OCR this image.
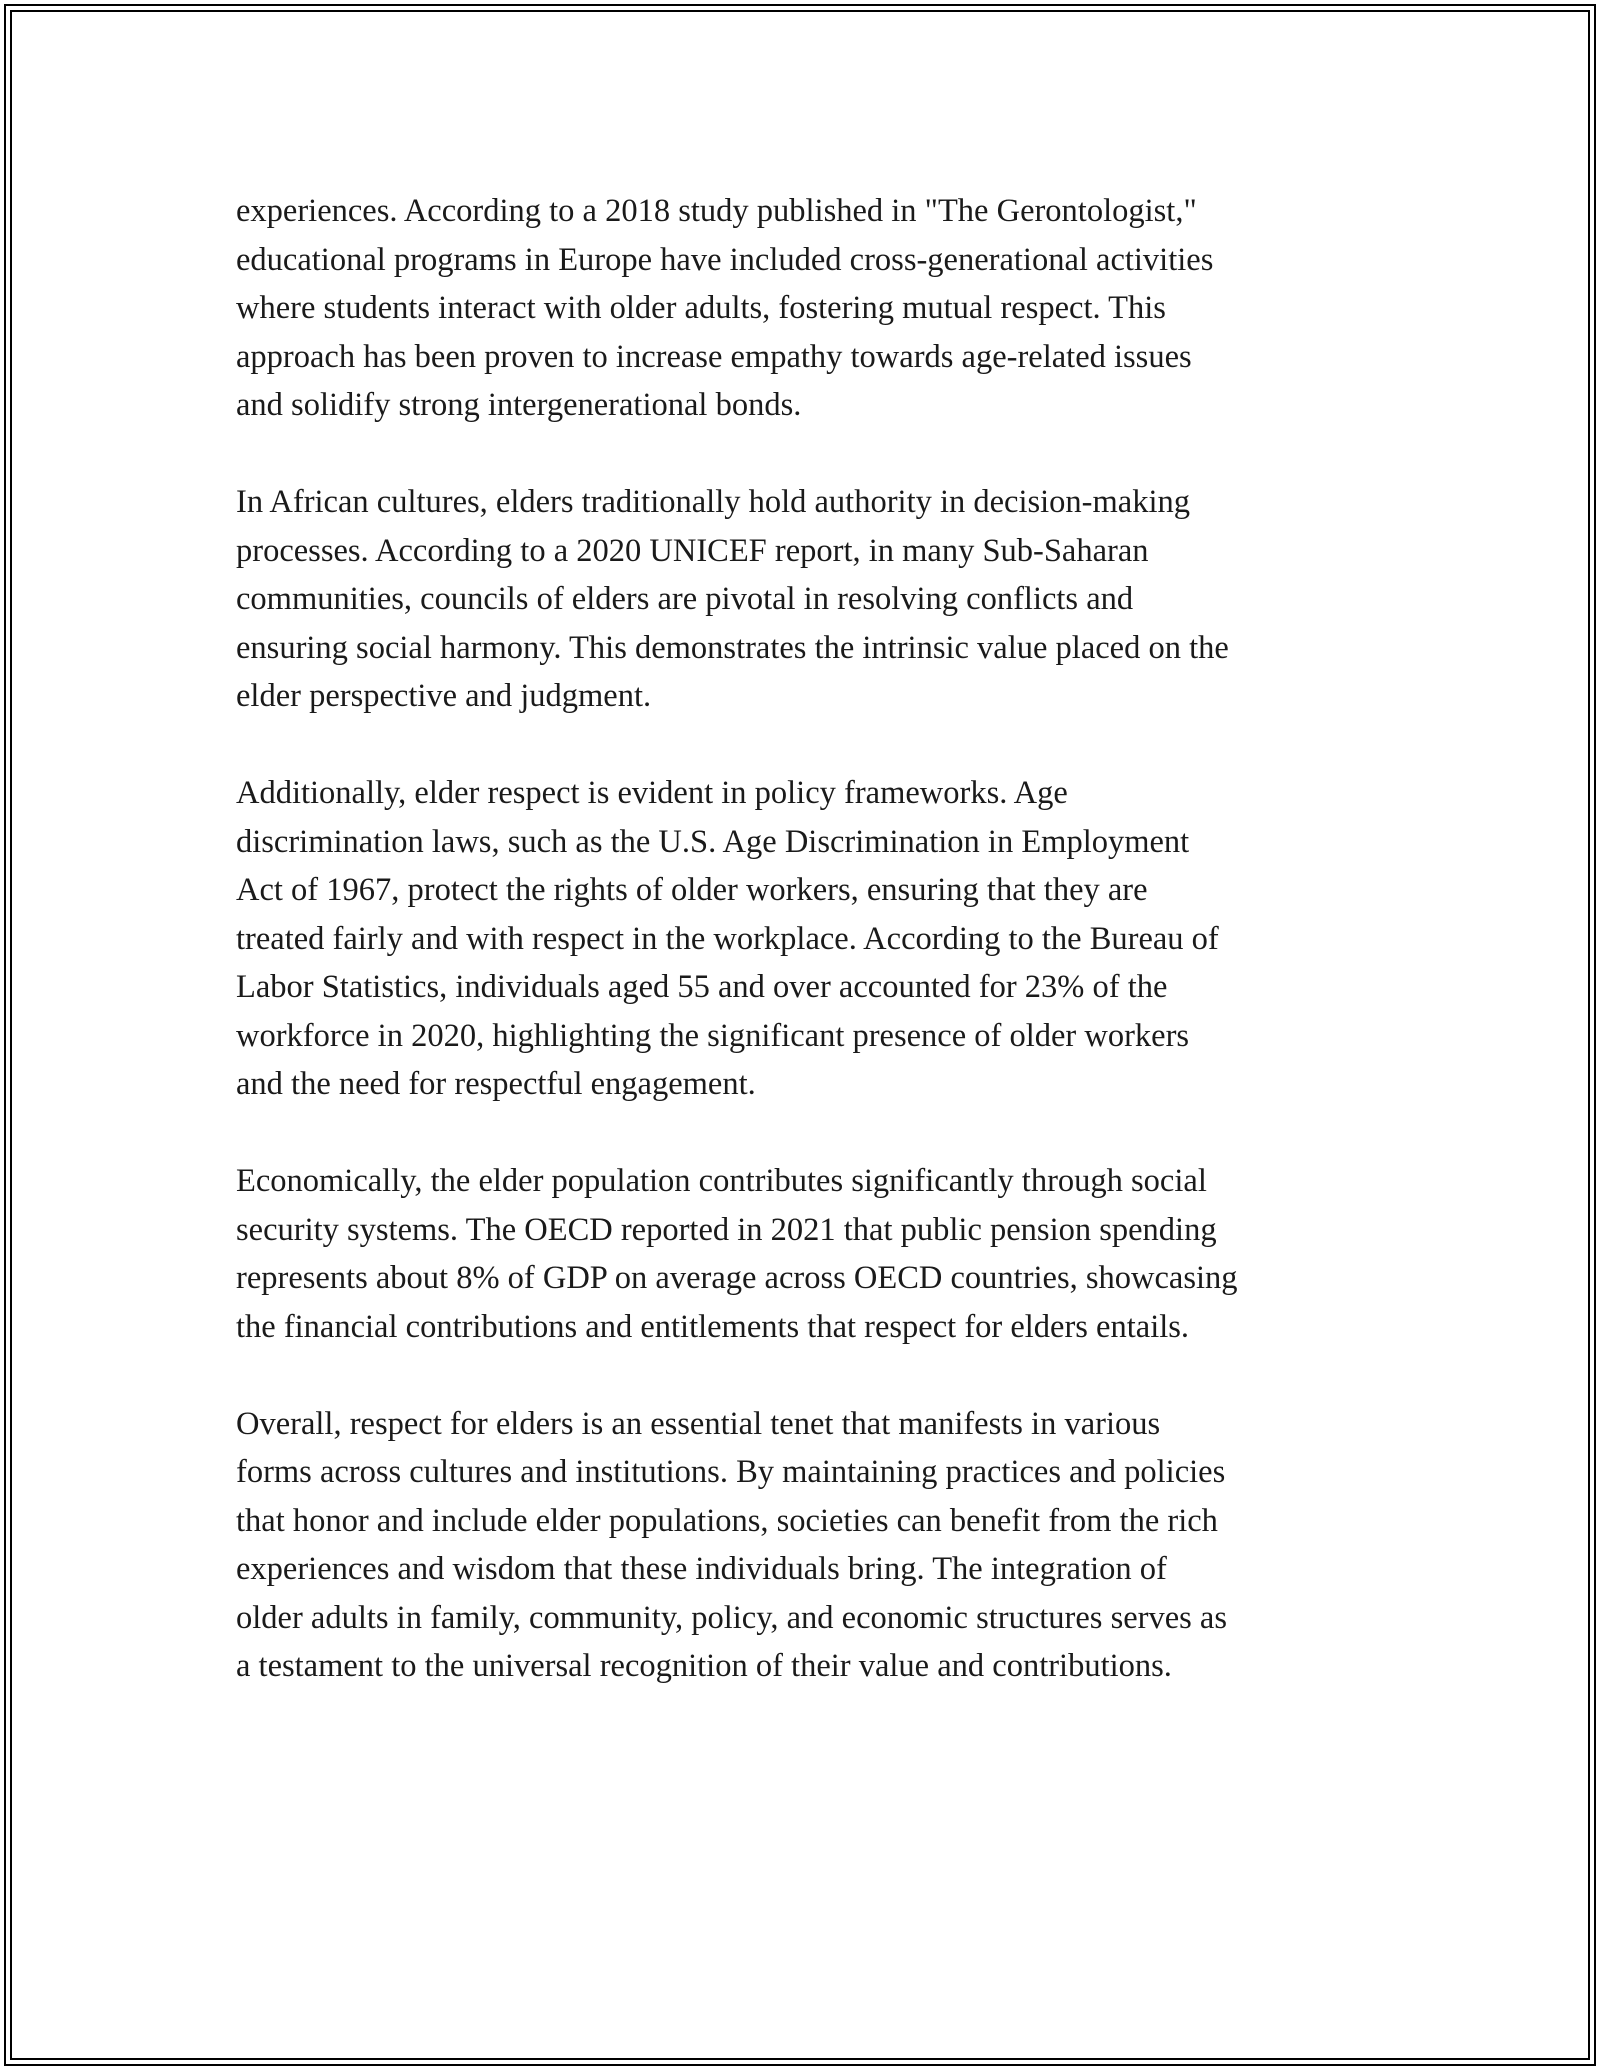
experiences. According to a 2018 study published in "The Gerontologist,"
educational programs in Europe have included cross-generational activities
where students interact with older adults, fostering mutual respect. This
approach has been proven to increase empathy towards age-related issues
and solidify strong intergenerational bonds.

In African cultures, elders traditionally hold authority in decision-making
processes. According to a 2020 UNICEF report, in many Sub-Saharan
communities, councils of elders are pivotal in resolving conflicts and
ensuring social harmony. This demonstrates the intrinsic value placed on the
elder perspective and judgment.

Additionally, elder respect is evident in policy frameworks. Age
discrimination laws, such as the U.S. Age Discrimination in Employment
Act of 1967, protect the rights of older workers, ensuring that they are
treated fairly and with respect in the workplace. According to the Bureau of
Labor Statistics, individuals aged 55 and over accounted for 23% of the
workforce in 2020, highlighting the significant presence of older workers
and the need for respectful engagement.

Economically, the elder population contributes significantly through social
security systems. The OECD reported in 2021 that public pension spending
represents about 8% of GDP on average across OECD countries, showcasing
the financial contributions and entitlements that respect for elders entails.

Overall, respect for elders is an essential tenet that manifests in various
forms across cultures and institutions. By maintaining practices and policies
that honor and include elder populations, societies can benefit from the rich
experiences and wisdom that these individuals bring. The integration of
older adults in family, community, policy, and economic structures serves as
a testament to the universal recognition of their value and contributions.
